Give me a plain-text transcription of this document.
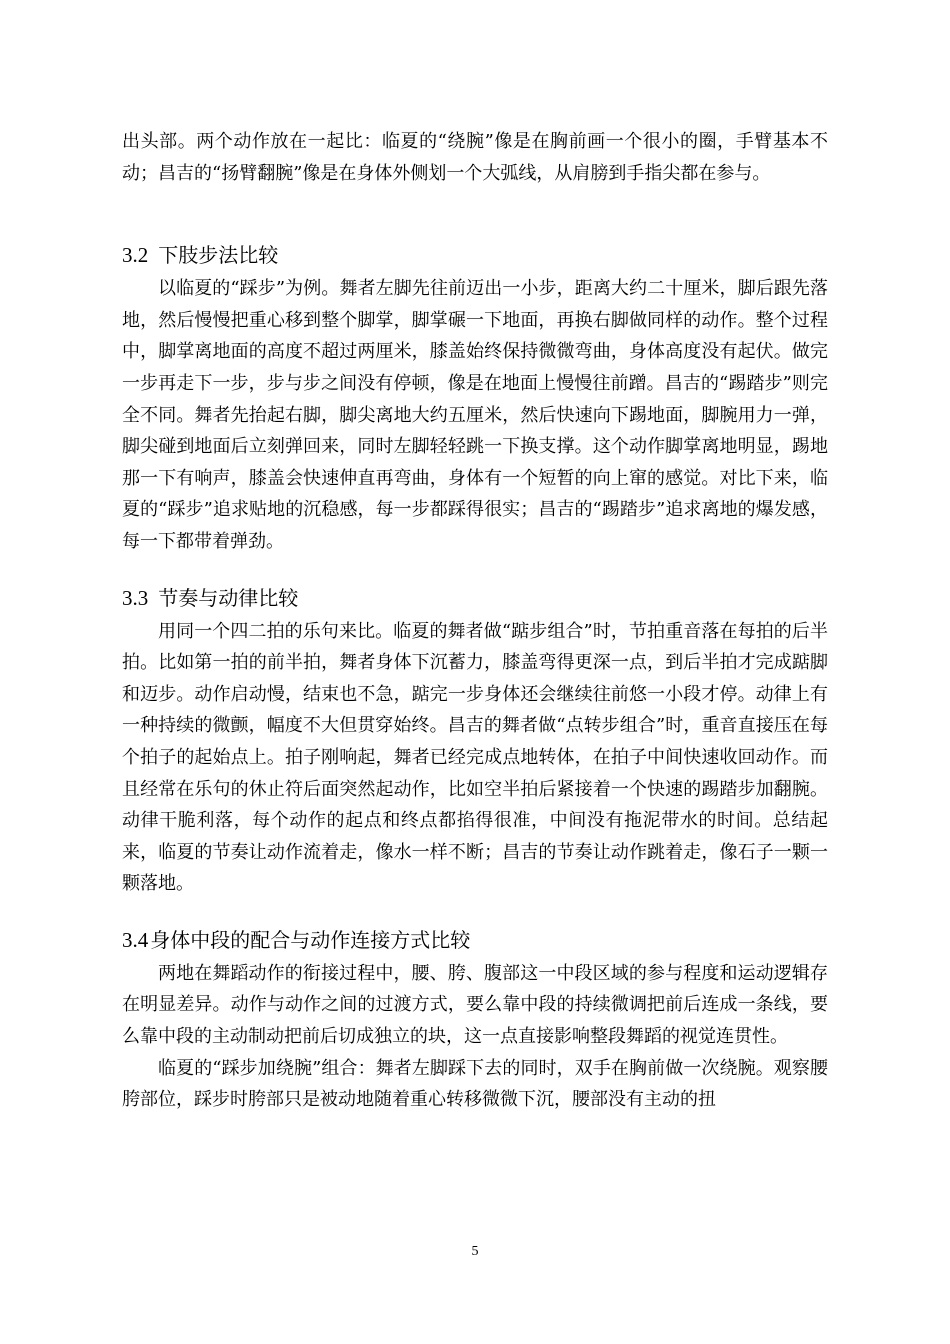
出头部。两个动作放在一起比：临夏的“绕腕”像是在胸前画一个很小的圈，手臂基本不动；昌吉的“扬臂翻腕”像是在身体外侧划一个大弧线，从肩膀到手指尖都在参与。

3.2 下肢步法比较

以临夏的“踩步”为例。舞者左脚先往前迈出一小步，距离大约二十厘米，脚后跟先落地，然后慢慢把重心移到整个脚掌，脚掌碾一下地面，再换右脚做同样的动作。整个过程中，脚掌离地面的高度不超过两厘米，膝盖始终保持微微弯曲，身体高度没有起伏。做完一步再走下一步，步与步之间没有停顿，像是在地面上慢慢往前蹭。昌吉的“踢踏步”则完全不同。舞者先抬起右脚，脚尖离地大约五厘米，然后快速向下踢地面，脚腕用力一弹，脚尖碰到地面后立刻弹回来，同时左脚轻轻跳一下换支撑。这个动作脚掌离地明显，踢地那一下有响声，膝盖会快速伸直再弯曲，身体有一个短暂的向上窜的感觉。对比下来，临夏的“踩步”追求贴地的沉稳感，每一步都踩得很实；昌吉的“踢踏步”追求离地的爆发感，每一下都带着弹劲。

3.3 节奏与动律比较

用同一个四二拍的乐句来比。临夏的舞者做“踮步组合”时，节拍重音落在每拍的后半拍。比如第一拍的前半拍，舞者身体下沉蓄力，膝盖弯得更深一点，到后半拍才完成踮脚和迈步。动作启动慢，结束也不急，踮完一步身体还会继续往前悠一小段才停。动律上有一种持续的微颤，幅度不大但贯穿始终。昌吉的舞者做“点转步组合”时，重音直接压在每个拍子的起始点上。拍子刚响起，舞者已经完成点地转体，在拍子中间快速收回动作。而且经常在乐句的休止符后面突然起动作，比如空半拍后紧接着一个快速的踢踏步加翻腕。动律干脆利落，每个动作的起点和终点都掐得很准，中间没有拖泥带水的时间。总结起来，临夏的节奏让动作流着走，像水一样不断；昌吉的节奏让动作跳着走，像石子一颗一颗落地。

3.4 身体中段的配合与动作连接方式比较

两地在舞蹈动作的衔接过程中，腰、胯、腹部这一中段区域的参与程度和运动逻辑存在明显差异。动作与动作之间的过渡方式，要么靠中段的持续微调把前后连成一条线，要么靠中段的主动制动把前后切成独立的块，这一点直接影响整段舞蹈的视觉连贯性。

临夏的“踩步加绕腕”组合：舞者左脚踩下去的同时，双手在胸前做一次绕腕。观察腰胯部位，踩步时胯部只是被动地随着重心转移微微下沉，腰部没有主动的扭

5
